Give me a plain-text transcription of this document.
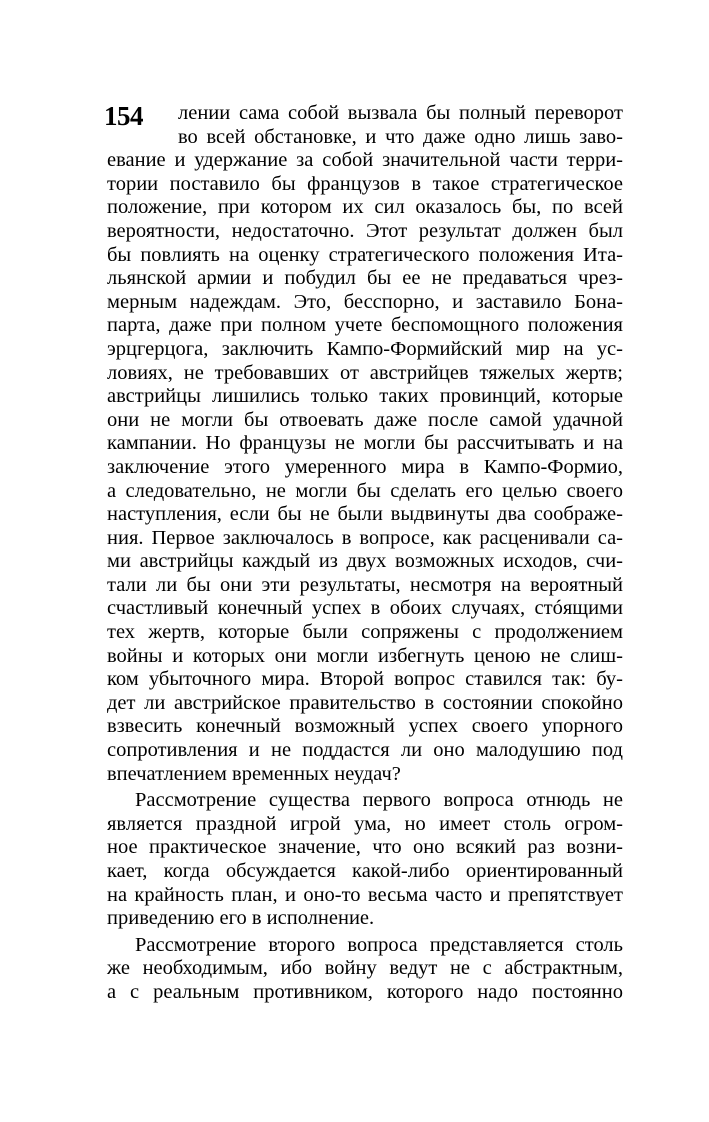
154 лении сама собой вызвала бы полный переворот
во всей обстановке, и что даже одно лишь заво-
евание и удержание за собой значительной части терри-
тории поставило бы французов в такое стратегическое
положение, при котором их сил оказалось бы, по всей
вероятности, недостаточно. Этот результат должен был
бы повлиять на оценку стратегического положения Ита-
льянской армии и побудил бы ее не предаваться чрез-
мерным надеждам. Это, бесспорно, и заставило Бона-
парта, даже при полном учете беспомощного положения
эрцгерцога, заключить Кампо-Формийский мир на ус-
ловиях, не требовавших от австрийцев тяжелых жертв;
австрийцы лишились только таких провинций, которые
они не могли бы отвоевать даже после самой удачной
кампании. Но французы не могли бы рассчитывать и на
заключение этого умеренного мира в Кампо-Формио,
а следовательно, не могли бы сделать его целью своего
наступления, если бы не были выдвинуты два соображе-
ния. Первое заключалось в вопросе, как расценивали са-
ми австрийцы каждый из двух возможных исходов, счи-
тали ли бы они эти результаты, несмотря на вероятный
счастливый конечный успех в обоих случаях, стóящими
тех жертв, которые были сопряжены с продолжением
войны и которых они могли избегнуть ценою не слиш-
ком убыточного мира. Второй вопрос ставился так: бу-
дет ли австрийское правительство в состоянии спокойно
взвесить конечный возможный успех своего упорного
сопротивления и не поддастся ли оно малодушию под
впечатлением временных неудач?
Рассмотрение существа первого вопроса отнюдь не
является праздной игрой ума, но имеет столь огром-
ное практическое значение, что оно всякий раз возни-
кает, когда обсуждается какой-либо ориентированный
на крайность план, и оно-то весьма часто и препятствует
приведению его в исполнение.
Рассмотрение второго вопроса представляется столь
же необходимым, ибо войну ведут не с абстрактным,
а с реальным противником, которого надо постоянно
